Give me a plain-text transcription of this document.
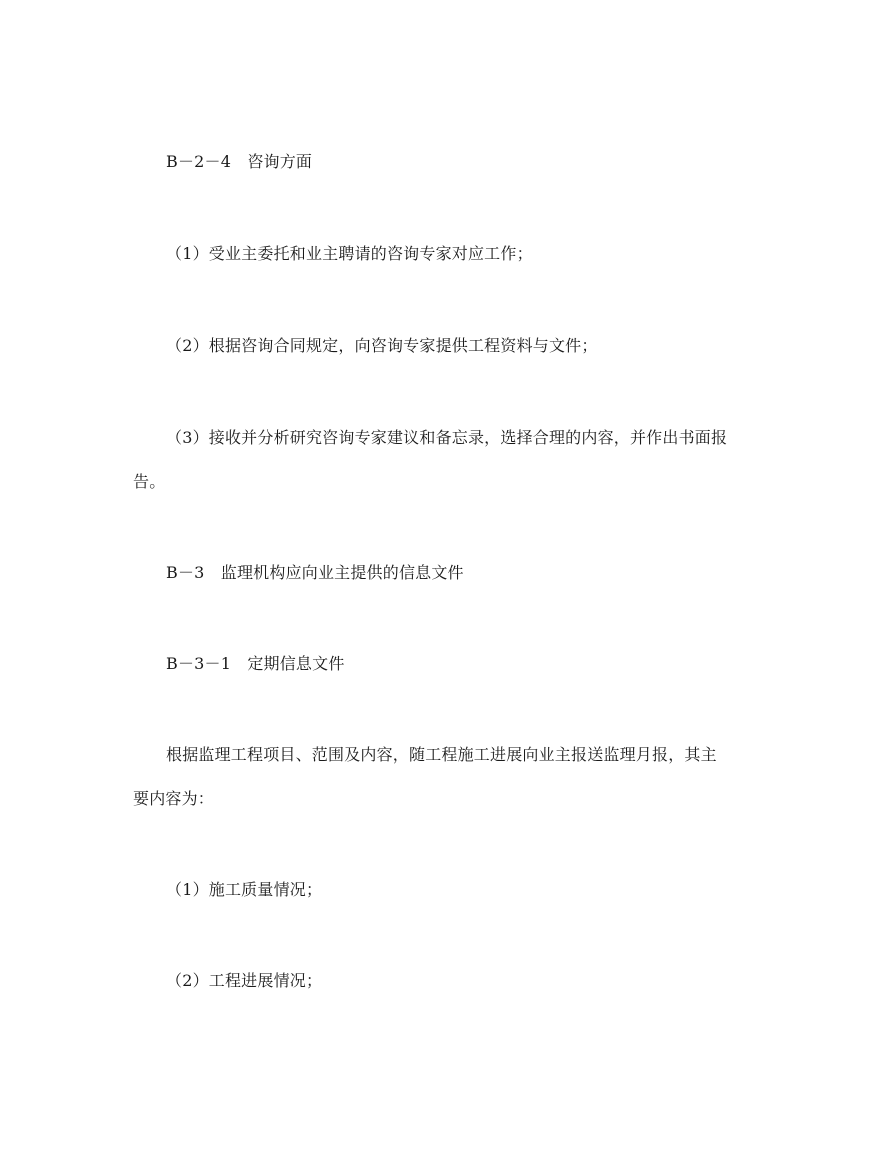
B－2－4　咨询方面

（1）受业主委托和业主聘请的咨询专家对应工作；

（2）根据咨询合同规定，向咨询专家提供工程资料与文件；

（3）接收并分析研究咨询专家建议和备忘录，选择合理的内容，并作出书面报

告。

B－3　监理机构应向业主提供的信息文件

B－3－1　定期信息文件

根据监理工程项目、范围及内容，随工程施工进展向业主报送监理月报，其主

要内容为：

（1）施工质量情况；

（2）工程进展情况；
